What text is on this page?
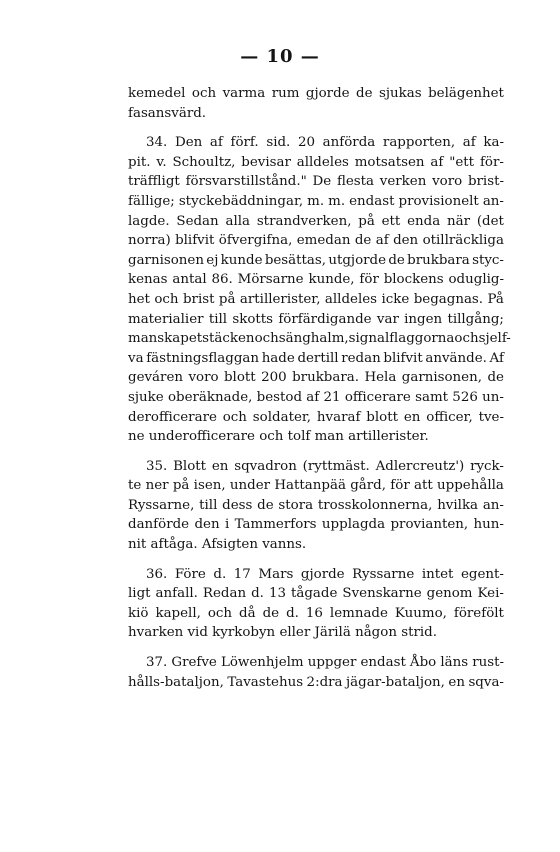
— 10 —
kemedel och varma rum gjorde de sjukas belägenhet
fasansvärd.
34. Den af förf. sid. 20 anförda rapporten, af ka-
pit. v. Schoultz, bevisar alldeles motsatsen af "ett för-
träffligt försvarstillstånd." De flesta verken voro brist-
fällige; styckebäddningar, m. m. endast provisionelt an-
lagde. Sedan alla strandverken, på ett enda när (det
norra) blifvit öfvergifna, emedan de af den otillräckliga
garnisonen ej kunde besättas, utgjorde de brukbara styc-
kenas antal 86. Mörsarne kunde, för blockens oduglig-
het och brist på artillerister, alldeles icke begagnas. På
materialier till skotts förfärdigande var ingen tillgång;
manskapets täcken och sänghalm, signalflaggorna och sjelf-
va fästningsflaggan hade dertill redan blifvit använde. Af
geváren voro blott 200 brukbara. Hela garnisonen, de
sjuke oberäknade, bestod af 21 officerare samt 526 un-
derofficerare och soldater, hvaraf blott en officer, tve-
ne underofficerare och tolf man artillerister.
35. Blott en sqvadron (ryttmäst. Adlercreutz') ryck-
te ner på isen, under Hattanpää gård, för att uppehålla
Ryssarne, till dess de stora trosskolonnerna, hvilka an-
danförde den i Tammerfors upplagda provianten, hun-
nit aftåga. Afsigten vanns.
36. Före d. 17 Mars gjorde Ryssarne intet egent-
ligt anfall. Redan d. 13 tågade Svenskarne genom Kei-
kiö kapell, och då de d. 16 lemnade Kuumo, förefölt
hvarken vid kyrkobyn eller Järilä någon strid.
37. Grefve Löwenhjelm uppger endast Åbo läns rust-
hålls-bataljon, Tavastehus 2:dra jägar-bataljon, en sqva-
